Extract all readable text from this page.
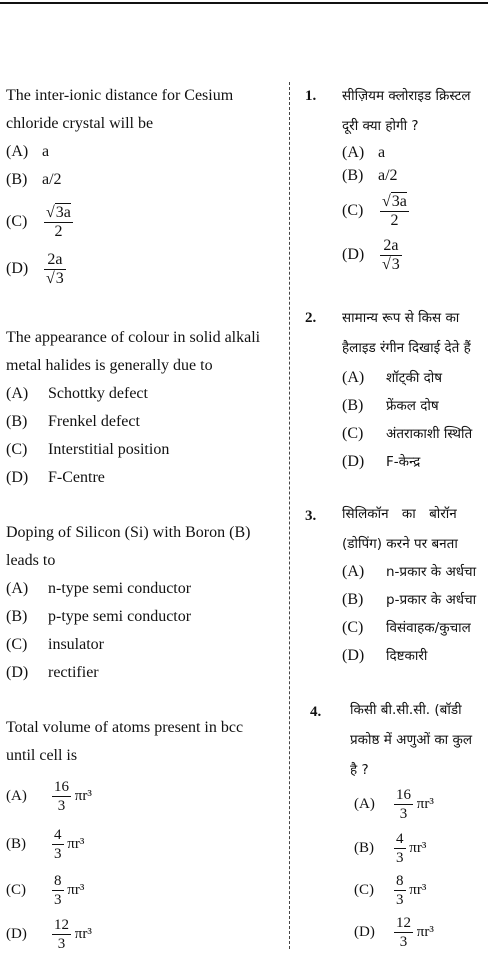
The inter-ionic distance for Cesium
chloride crystal will be
(A) a
(B) a/2
$(C) \frac{√3a}{2}$
$(D) \frac{2a}{√3}$
The appearance of colour in solid alkali
metal halides is generally due to
(A) Schottky defect
(B) Frenkel defect
(C) Interstitial position
(D) F-Centre
Doping of Silicon (Si) with Boron (B)
leads to
(A) n-type semi conductor
(B) p-type semi conductor
(C) insulator
(D) rectifier
Total volume of atoms present in bcc
until cell is
$(A) \frac{16}{3} \pi r^3$
$(B) \frac{4}{3} \pi r^3$
$(C) \frac{8}{3} \pi r^3$
$(D) \frac{12}{3} \pi r^3$
1. सीज़ियम क्लोराइड क्रिस्टल
दूरी क्या होगी ?
(A) a
(B) a/2
$(C) \frac{√3a}{2}$
$(D) \frac{2a}{√3}$
2. सामान्य रूप से किस का
हैलाइड रंगीन दिखाई देते हैं
(A) शॉट्की दोष
(B) फ्रेंकल दोष
(C) अंतराकाशी स्थिति
(D) F-केन्द्र
3. सिलिकॉन का बोरॉन
(डोपिंग) करने पर बनता
(A) n-प्रकार के अर्धचा
(B) p-प्रकार के अर्धचा
(C) विसंवाहक/कुचाल
(D) दिष्टकारी
4. किसी बी.सी.सी. (बॉडी
प्रकोष्ठ में अणुओं का कुल
है ?
$(A) \frac{16}{3} \pi r^3$
$(B) \frac{4}{3} \pi r^3$
$(C) \frac{8}{3} \pi r^3$
$(D) \frac{12}{3} \pi r^3$
